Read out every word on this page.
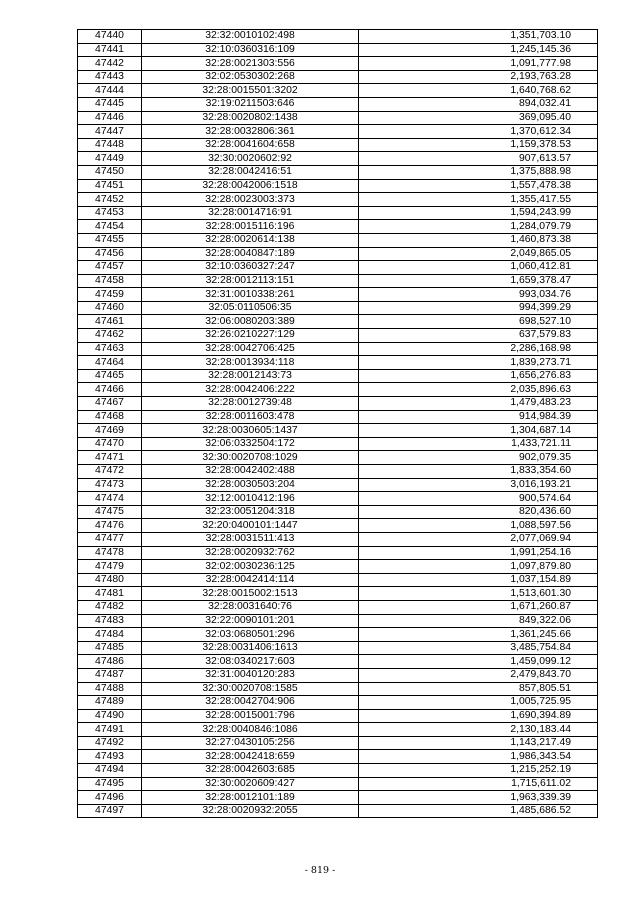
47440	32:32:0010102:498	1,351,703.10
47441	32:10:0360316:109	1,245,145.36
47442	32:28:0021303:556	1,091,777.98
47443	32:02:0530302:268	2,193,763.28
47444	32:28:0015501:3202	1,640,768.62
47445	32:19:0211503:646	894,032.41
47446	32:28:0020802:1438	369,095.40
47447	32:28:0032806:361	1,370,612.34
47448	32:28:0041604:658	1,159,378.53
47449	32:30:0020602:92	907,613.57
47450	32:28:0042416:51	1,375,888.98
47451	32:28:0042006:1518	1,557,478.38
47452	32:28:0023003:373	1,355,417.55
47453	32:28:0014716:91	1,594,243.99
47454	32:28:0015116:196	1,284,079.79
47455	32:28:0020614:138	1,460,873.38
47456	32:28:0040847:189	2,049,865.05
47457	32:10:0360327:247	1,060,412.81
47458	32:28:0012113:151	1,659,378.47
47459	32:31:0010338:261	993,034.76
47460	32:05:0110506:35	994,399.29
47461	32:06:0080203:389	698,527.10
47462	32:26:0210227:129	637,579.83
47463	32:28:0042706:425	2,286,168.98
47464	32:28:0013934:118	1,839,273.71
47465	32:28:0012143:73	1,656,276.83
47466	32:28:0042406:222	2,035,896.63
47467	32:28:0012739:48	1,479,483.23
47468	32:28:0011603:478	914,984.39
47469	32:28:0030605:1437	1,304,687.14
47470	32:06:0332504:172	1,433,721.11
47471	32:30:0020708:1029	902,079.35
47472	32:28:0042402:488	1,833,354.60
47473	32:28:0030503:204	3,016,193.21
47474	32:12:0010412:196	900,574.64
47475	32:23:0051204:318	820,436.60
47476	32:20:0400101:1447	1,088,597.56
47477	32:28:0031511:413	2,077,069.94
47478	32:28:0020932:762	1,991,254.16
47479	32:02:0030236:125	1,097,879.80
47480	32:28:0042414:114	1,037,154.89
47481	32:28:0015002:1513	1,513,601.30
47482	32:28:0031640:76	1,671,260.87
47483	32:22:0090101:201	849,322.06
47484	32:03:0680501:296	1,361,245.66
47485	32:28:0031406:1613	3,485,754.84
47486	32:08:0340217:603	1,459,099.12
47487	32:31:0040120:283	2,479,843.70
47488	32:30:0020708:1585	857,805.51
47489	32:28:0042704:906	1,005,725.95
47490	32:28:0015001:796	1,690,394.89
47491	32:28:0040846:1086	2,130,183.44
47492	32:27:0430105:256	1,143,217.49
47493	32:28:0042418:659	1,986,343.54
47494	32:28:0042603:685	1,215,252.19
47495	32:30:0020609:427	1,715,611.02
47496	32:28:0012101:189	1,963,339.39
47497	32:28:0020932:2055	1,485,686.52
- 819 -
